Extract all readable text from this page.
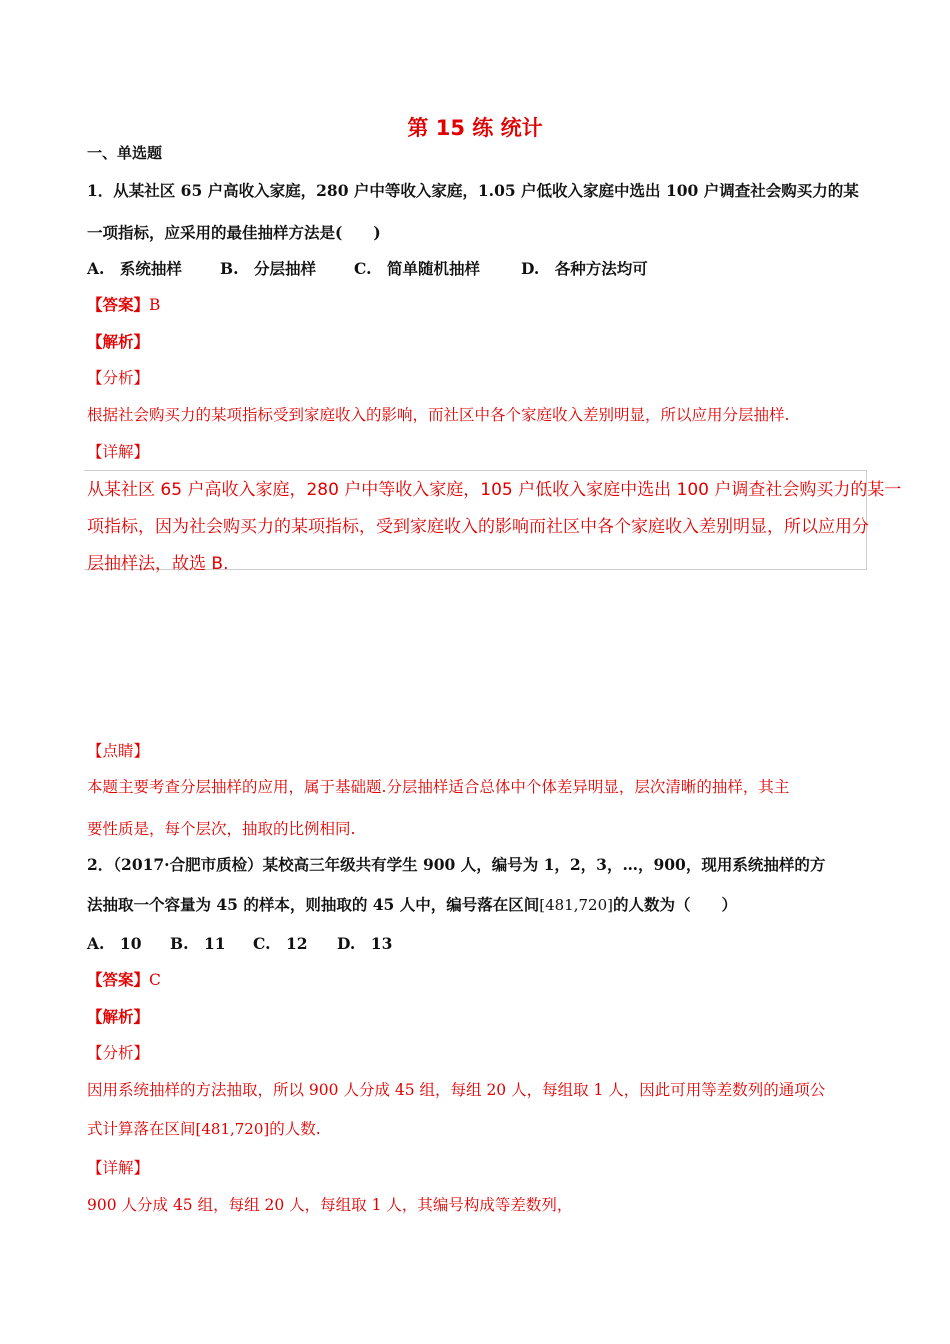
第 15 练 统计
一、单选题
1．从某社区 65 户高收入家庭，280 户中等收入家庭，1.05 户低收入家庭中选出 100 户调查社会购买力的某
一项指标，应采用的最佳抽样方法是(　　)
A.　系统抽样 B.　分层抽样 C.　简单随机抽样	D.　各种方法均可
【答案】B
【解析】
【分析】
根据社会购买力的某项指标受到家庭收入的影响，而社区中各个家庭收入差别明显，所以应用分层抽样.
【详解】
从某社区 65 户高收入家庭，280 户中等收入家庭，105 户低收入家庭中选出 100 户调查社会购买力的某一
项指标，因为社会购买力的某项指标，受到家庭收入的影响而社区中各个家庭收入差别明显，所以应用分
层抽样法，故选 B.
【点睛】
本题主要考查分层抽样的应用，属于基础题.分层抽样适合总体中个体差异明显，层次清晰的抽样，其主
要性质是，每个层次，抽取的比例相同.
2．（2017·合肥市质检）某校高三年级共有学生 900 人，编号为 1，2，3，…，900，现用系统抽样的方
法抽取一个容量为 45 的样本，则抽取的 45 人中，编号落在区间[481,720]的人数为（　　）
A.　10 B.　11 C.　12 D.　13
【答案】C
【解析】
【分析】
因用系统抽样的方法抽取，所以 900 人分成 45 组，每组 20 人，每组取 1 人，因此可用等差数列的通项公
式计算落在区间[481,720]的人数.
【详解】
900 人分成 45 组，每组 20 人，每组取 1 人，其编号构成等差数列，
